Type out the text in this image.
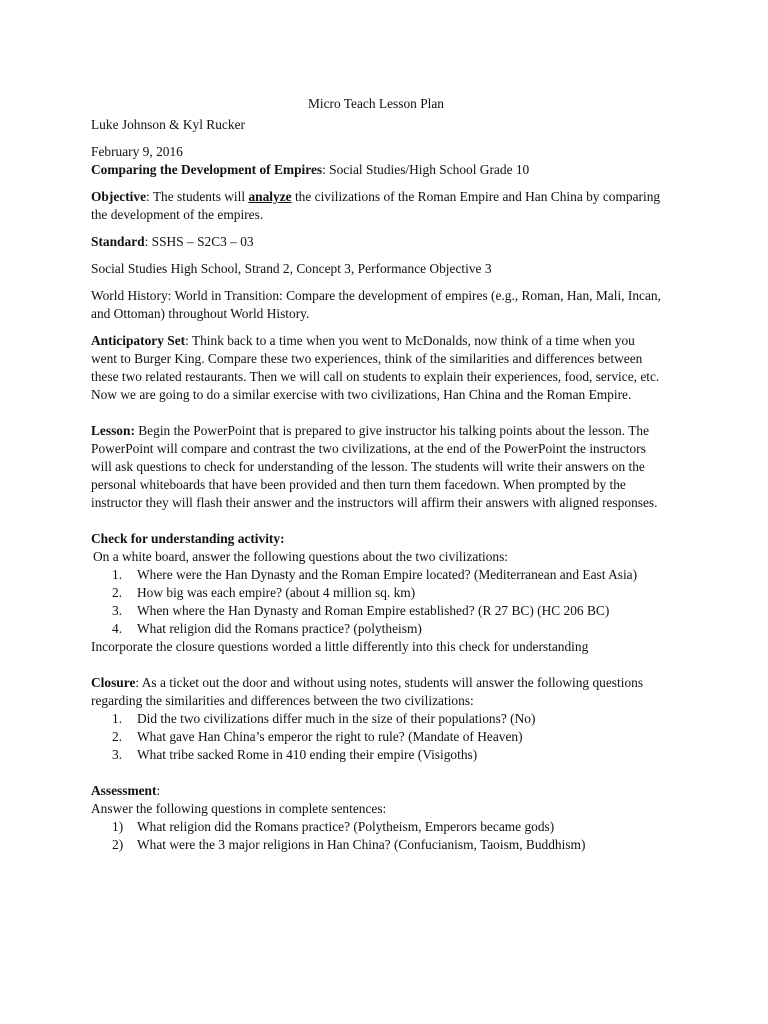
Micro Teach Lesson Plan

Luke Johnson & Kyl Rucker

February 9, 2016

Comparing the Development of Empires: Social Studies/High School Grade 10

Objective: The students will analyze the civilizations of the Roman Empire and Han China by comparing the development of the empires.

Standard: SSHS – S2C3 – 03

Social Studies High School, Strand 2, Concept 3, Performance Objective 3

World History: World in Transition: Compare the development of empires (e.g., Roman, Han, Mali, Incan, and Ottoman) throughout World History.

Anticipatory Set: Think back to a time when you went to McDonalds, now think of a time when you went to Burger King. Compare these two experiences, think of the similarities and differences between these two related restaurants. Then we will call on students to explain their experiences, food, service, etc. Now we are going to do a similar exercise with two civilizations, Han China and the Roman Empire.

Lesson: Begin the PowerPoint that is prepared to give instructor his talking points about the lesson. The PowerPoint will compare and contrast the two civilizations, at the end of the PowerPoint the instructors will ask questions to check for understanding of the lesson. The students will write their answers on the personal whiteboards that have been provided and then turn them facedown. When prompted by the instructor they will flash their answer and the instructors will affirm their answers with aligned responses.

Check for understanding activity:

On a white board, answer the following questions about the two civilizations:

1. Where were the Han Dynasty and the Roman Empire located? (Mediterranean and East Asia)
2. How big was each empire? (about 4 million sq. km)
3. When where the Han Dynasty and Roman Empire established? (R 27 BC) (HC 206 BC)
4. What religion did the Romans practice? (polytheism)

Incorporate the closure questions worded a little differently into this check for understanding

Closure: As a ticket out the door and without using notes, students will answer the following questions regarding the similarities and differences between the two civilizations:

1. Did the two civilizations differ much in the size of their populations? (No)
2. What gave Han China’s emperor the right to rule? (Mandate of Heaven)
3. What tribe sacked Rome in 410 ending their empire (Visigoths)

Assessment:

Answer the following questions in complete sentences:

1) What religion did the Romans practice? (Polytheism, Emperors became gods)
2) What were the 3 major religions in Han China? (Confucianism, Taoism, Buddhism)
